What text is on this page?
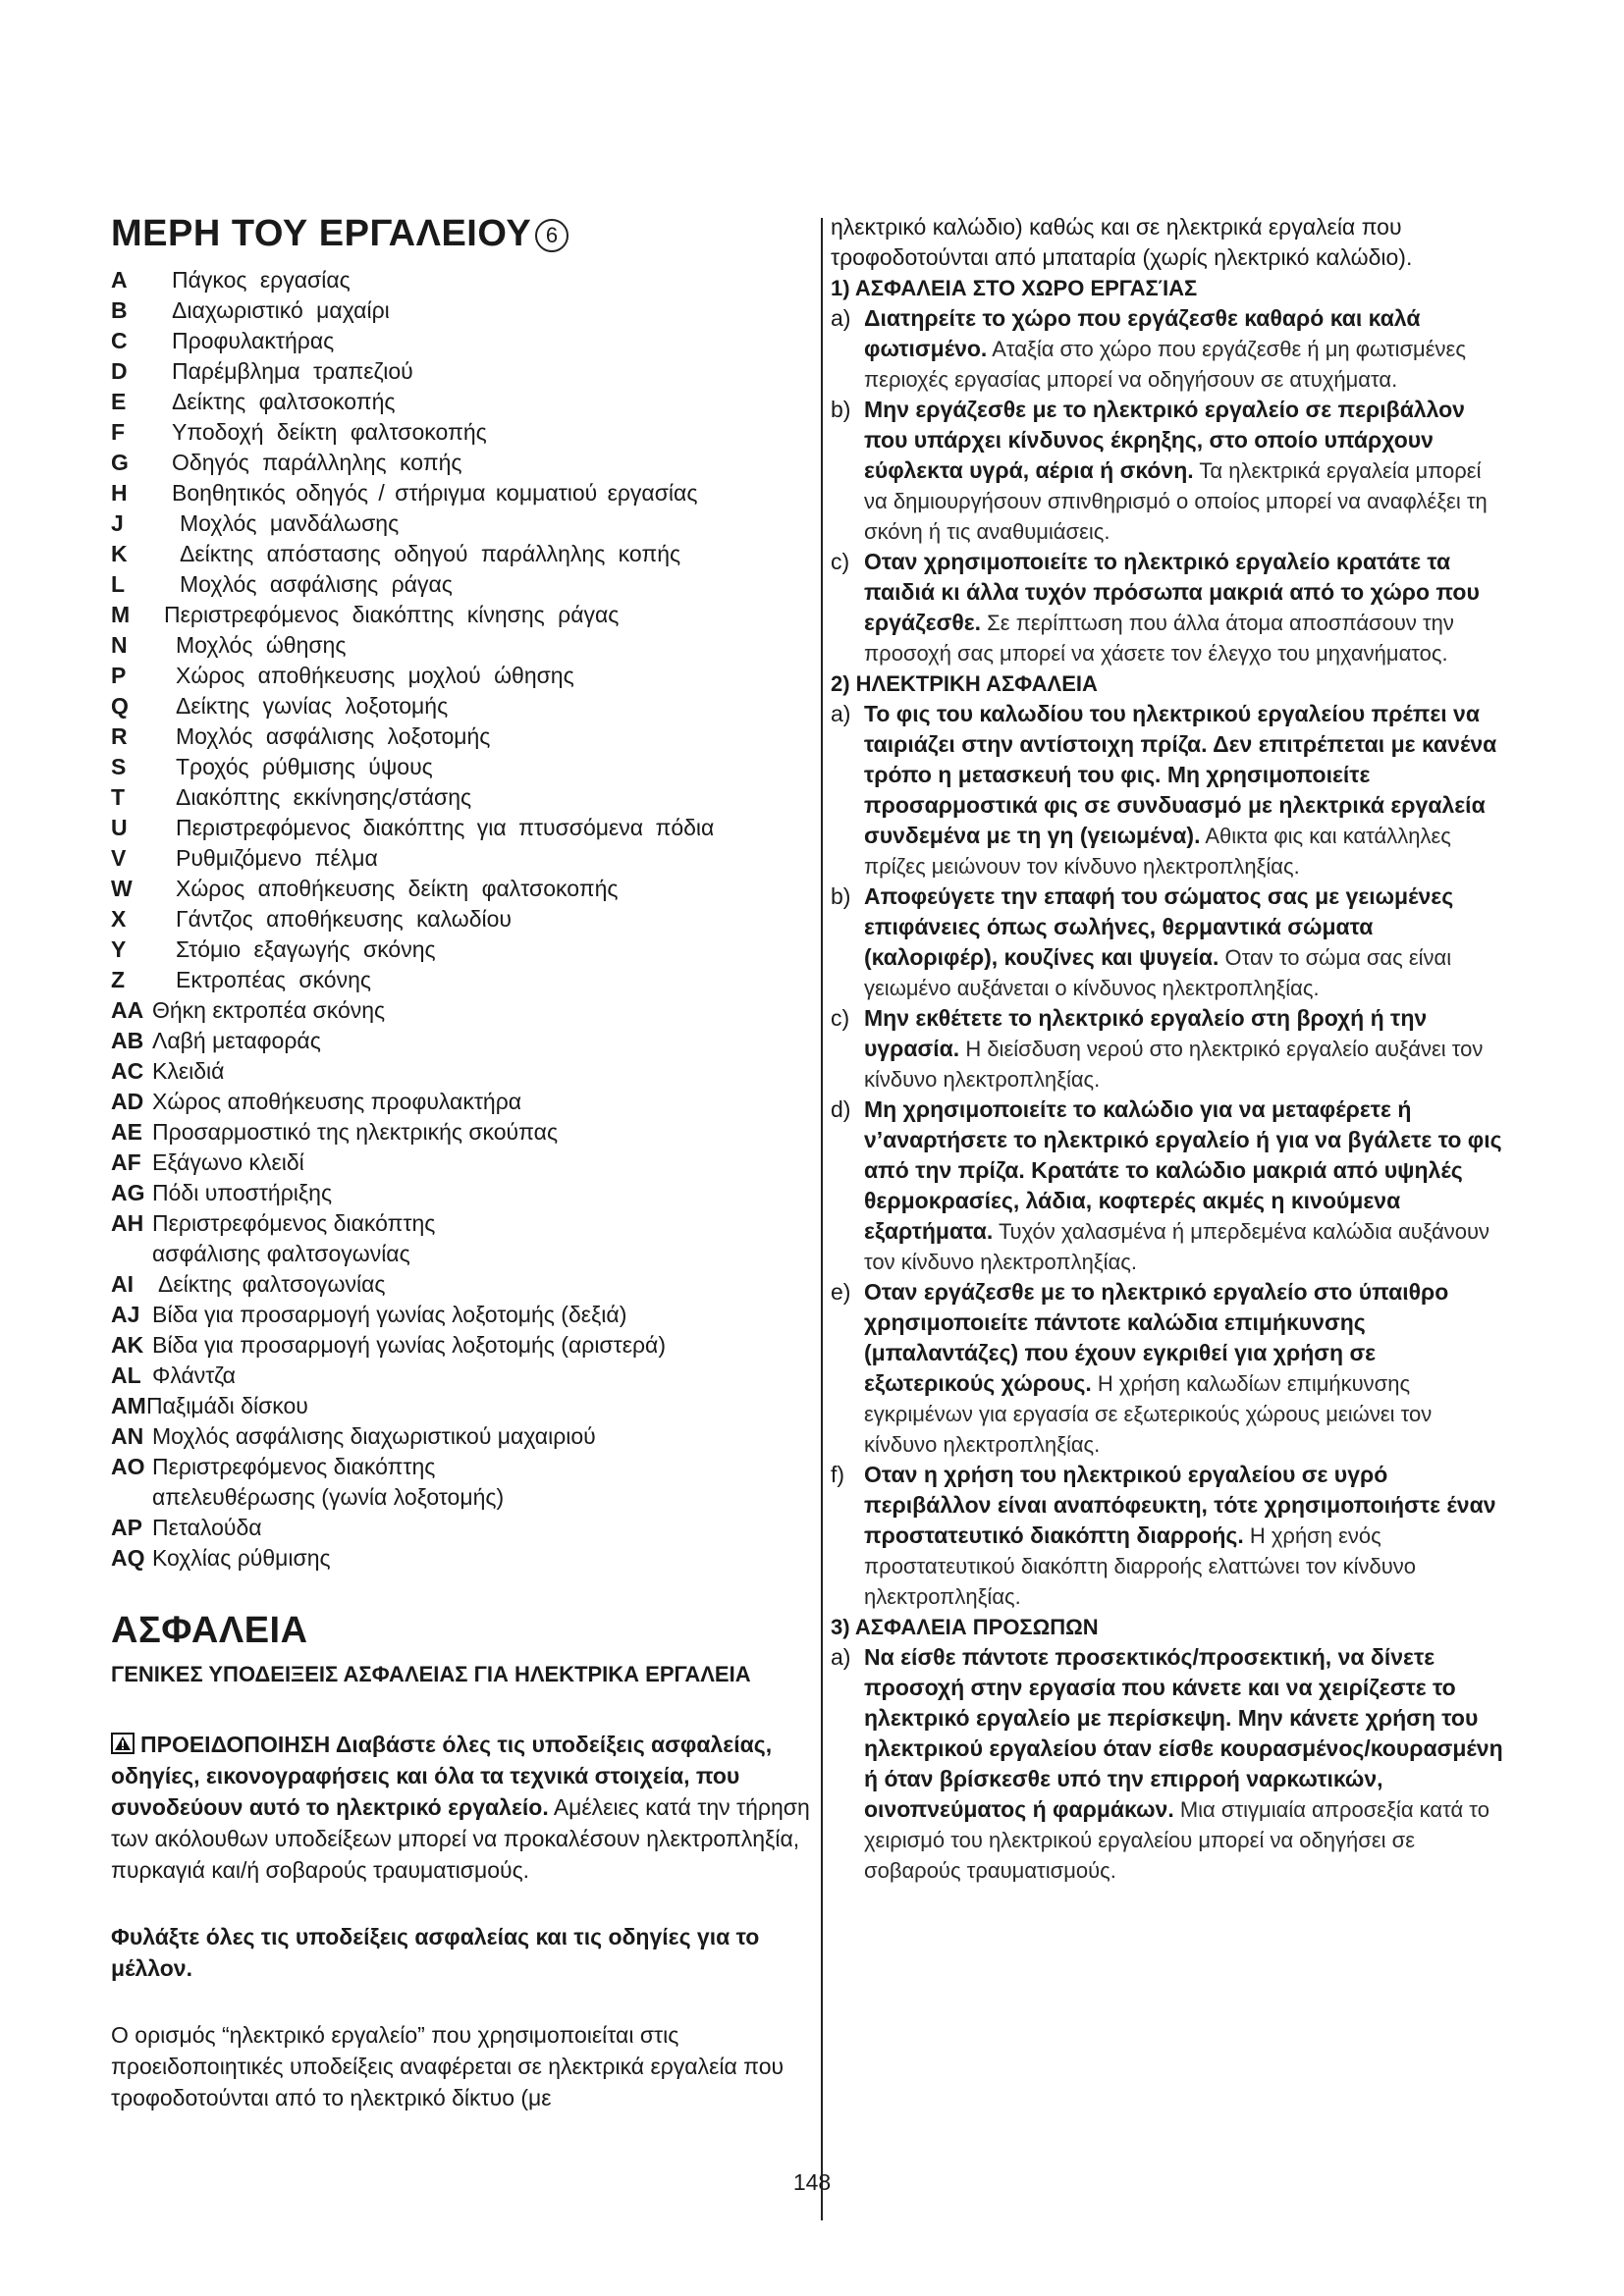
ΜΕΡΗ ΤΟΥ ΕΡΓΑΛΕΙΟΥ 6
A	Πάγκος εργασίας
B	Διαχωριστικό μαχαίρι
C	Προφυλακτήρας
D	Παρέμβλημα τραπεζιού
E	Δείκτης φαλτσοκοπής
F	Υποδοχή δείκτη φαλτσοκοπής
G	Οδηγός παράλληλης κοπής
H	Βοηθητικός οδηγός / στήριγμα κομματιού εργασίας
J	Μοχλός μανδάλωσης
K	Δείκτης απόστασης οδηγού παράλληλης κοπής
L	Μοχλός ασφάλισης ράγας
M	Περιστρεφόμενος διακόπτης κίνησης ράγας
N	Μοχλός ώθησης
P	Χώρος αποθήκευσης μοχλού ώθησης
Q	Δείκτης γωνίας λοξοτομής
R	Μοχλός ασφάλισης λοξοτομής
S	Τροχός ρύθμισης ύψους
T	Διακόπτης εκκίνησης/στάσης
U	Περιστρεφόμενος διακόπτης για πτυσσόμενα πόδια
V	Ρυθμιζόμενο πέλμα
W	Χώρος αποθήκευσης δείκτη φαλτσοκοπής
X	Γάντζος αποθήκευσης καλωδίου
Y	Στόμιο εξαγωγής σκόνης
Z	Εκτροπέας σκόνης
AA Θήκη εκτροπέα σκόνης
AB Λαβή μεταφοράς
AC Κλειδιά
AD Χώρος αποθήκευσης προφυλακτήρα
AE Προσαρμοστικό της ηλεκτρικής σκούπας
AF Εξάγωνο κλειδί
AG Πόδι υποστήριξης
AH Περιστρεφόμενος διακόπτης ασφάλισης φαλτσογωνίας
AI	Δείκτης φαλτσογωνίας
AJ Βίδα για προσαρμογή γωνίας λοξοτομής (δεξιά)
AK Βίδα για προσαρμογή γωνίας λοξοτομής (αριστερά)
AL Φλάντζα
AM Παξιμάδι δίσκου
AN Μοχλός ασφάλισης διαχωριστικού μαχαιριού
AO Περιστρεφόμενος διακόπτης απελευθέρωσης (γωνία λοξοτομής)
AP Πεταλούδα
AQ Κοχλίας ρύθμισης
ΑΣΦΑΛΕΙΑ

ΓΕΝΙΚΕΣ ΥΠΟΔΕΙΞΕΙΣ ΑΣΦΑΛΕΙΑΣ ΓΙΑ ΗΛΕΚΤΡΙΚΑ ΕΡΓΑΛΕΙΑ

ΠΡΟΕΙΔΟΠΟΙΗΣΗ Διαβάστε όλες τις υποδείξεις ασφαλείας, οδηγίες, εικονογραφήσεις και όλα τα τεχνικά στοιχεία, που συνοδεύουν αυτό το ηλεκτρικό εργαλείο. Αμέλειες κατά την τήρηση των ακόλουθων υποδείξεων μπορεί να προκαλέσουν ηλεκτροπληξία, πυρκαγιά και/ή σοβαρούς τραυματισμούς.

Φυλάξτε όλες τις υποδείξεις ασφαλείας και τις οδηγίες για το μέλλον.

Ο ορισμός “ηλεκτρικό εργαλείο” που χρησιμοποιείται στις προειδοποιητικές υποδείξεις αναφέρεται σε ηλεκτρικά εργαλεία που τροφοδοτούνται από το ηλεκτρικό δίκτυο (με

ηλεκτρικό καλώδιο) καθώς και σε ηλεκτρικά εργαλεία που τροφοδοτούνται από μπαταρία (χωρίς ηλεκτρικό καλώδιο).

1) ΑΣΦΑΛΕΙΑ ΣΤΟ ΧΩΡΟ ΕΡΓΑΣΊΑΣ

a) Διατηρείτε το χώρο που εργάζεσθε καθαρό και καλά φωτισμένο. Αταξία στο χώρο που εργάζεσθε ή μη φωτισμένες περιοχές εργασίας μπορεί να οδηγήσουν σε ατυχήματα.
b) Μην εργάζεσθε με το ηλεκτρικό εργαλείο σε περιβάλλον που υπάρχει κίνδυνος έκρηξης, στο οποίο υπάρχουν εύφλεκτα υγρά, αέρια ή σκόνη. Τα ηλεκτρικά εργαλεία μπορεί να δημιουργήσουν σπινθηρισμό ο οποίος μπορεί να αναφλέξει τη σκόνη ή τις αναθυμιάσεις.
c) Οταν χρησιμοποιείτε το ηλεκτρικό εργαλείο κρατάτε τα παιδιά κι άλλα τυχόν πρόσωπα μακριά από το χώρο που εργάζεσθε. Σε περίπτωση που άλλα άτομα αποσπάσουν την προσοχή σας μπορεί να χάσετε τον έλεγχο του μηχανήματος.

2) ΗΛΕΚΤΡΙΚΗ ΑΣΦΑΛΕΙΑ

a) Το φις του καλωδίου του ηλεκτρικού εργαλείου πρέπει να ταιριάζει στην αντίστοιχη πρίζα. Δεν επιτρέπεται με κανένα τρόπο η μετασκευή του φις. Μη χρησιμοποιείτε προσαρμοστικά φις σε συνδυασμό με ηλεκτρικά εργαλεία συνδεμένα με τη γη (γειωμένα). Αθικτα φις και κατάλληλες πρίζες μειώνουν τον κίνδυνο ηλεκτροπληξίας.
b) Αποφεύγετε την επαφή του σώματος σας με γειωμένες επιφάνειες όπως σωλήνες, θερμαντικά σώματα (καλοριφέρ), κουζίνες και ψυγεία. Οταν το σώμα σας είναι γειωμένο αυξάνεται ο κίνδυνος ηλεκτροπληξίας.
c) Μην εκθέτετε το ηλεκτρικό εργαλείο στη βροχή ή την υγρασία. Η διείσδυση νερού στο ηλεκτρικό εργαλείο αυξάνει τον κίνδυνο ηλεκτροπληξίας.
d) Μη χρησιμοποιείτε το καλώδιο για να μεταφέρετε ή ν’αναρτήσετε το ηλεκτρικό εργαλείο ή για να βγάλετε το φις από την πρίζα. Κρατάτε το καλώδιο μακριά από υψηλές θερμοκρασίες, λάδια, κοφτερές ακμές η κινούμενα εξαρτήματα. Τυχόν χαλασμένα ή μπερδεμένα καλώδια αυξάνουν τον κίνδυνο ηλεκτροπληξίας.
e) Οταν εργάζεσθε με το ηλεκτρικό εργαλείο στο ύπαιθρο χρησιμοποιείτε πάντοτε καλώδια επιμήκυνσης (μπαλαντάζες) που έχουν εγκριθεί για χρήση σε εξωτερικούς χώρους. Η χρήση καλωδίων επιμήκυνσης εγκριμένων για εργασία σε εξωτερικούς χώρους μειώνει τον κίνδυνο ηλεκτροπληξίας.
f) Οταν η χρήση του ηλεκτρικού εργαλείου σε υγρό περιβάλλον είναι αναπόφευκτη, τότε χρησιμοποιήστε έναν προστατευτικό διακόπτη διαρροής. Η χρήση ενός προστατευτικού διακόπτη διαρροής ελαττώνει τον κίνδυνο ηλεκτροπληξίας.

3) ΑΣΦΑΛΕΙΑ ΠΡΟΣΩΠΩΝ

a) Να είσθε πάντοτε προσεκτικός/προσεκτική, να δίνετε προσοχή στην εργασία που κάνετε και να χειρίζεστε το ηλεκτρικό εργαλείο με περίσκεψη. Μην κάνετε χρήση του ηλεκτρικού εργαλείου όταν είσθε κουρασμένος/κουρασμένη ή όταν βρίσκεσθε υπό την επιρροή ναρκωτικών, οινοπνεύματος ή φαρμάκων. Μια στιγμιαία απροσεξία κατά το χειρισμό του ηλεκτρικού εργαλείου μπορεί να οδηγήσει σε σοβαρούς τραυματισμούς.
148
